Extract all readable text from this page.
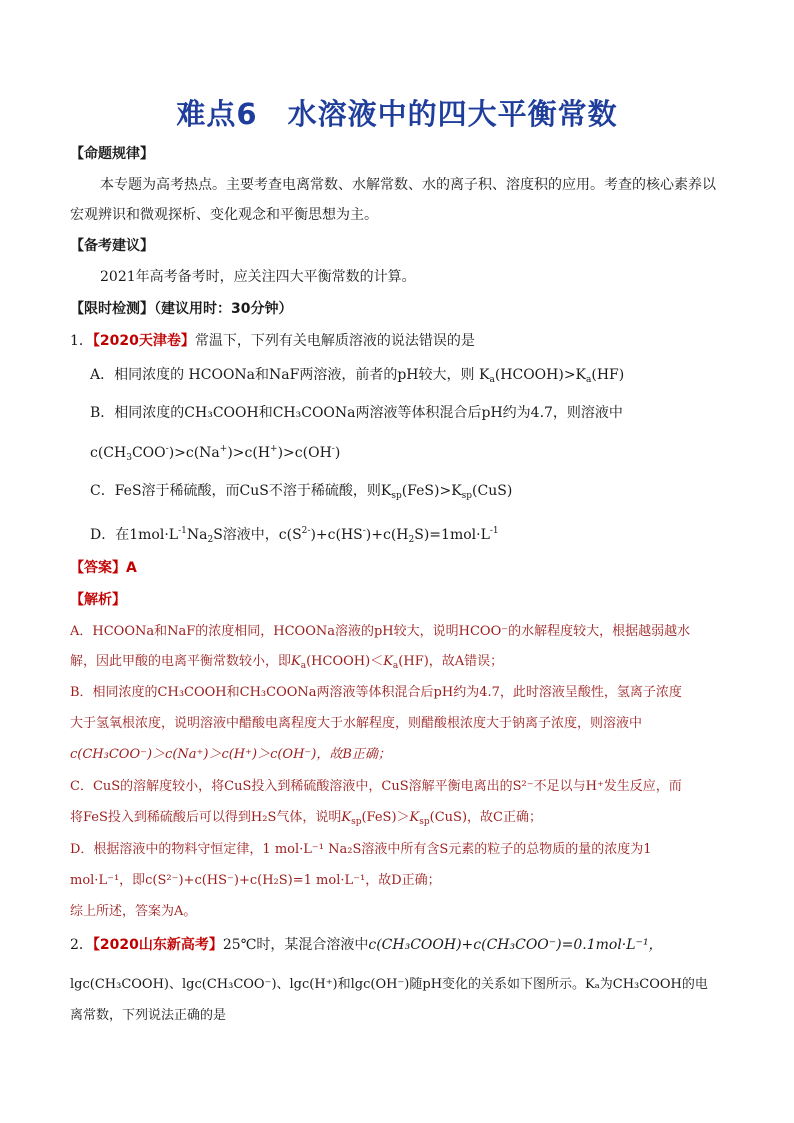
难点6　水溶液中的四大平衡常数
【命题规律】
本专题为高考热点。主要考查电离常数、水解常数、水的离子积、溶度积的应用。考查的核心素养以
宏观辨识和微观探析、变化观念和平衡思想为主。
【备考建议】
2021年高考备考时，应关注四大平衡常数的计算。
【限时检测】（建议用时：30分钟）
1．【2020天津卷】常温下，下列有关电解质溶液的说法错误的是
A．相同浓度的 HCOONa和NaF两溶液，前者的pH较大，则 $K_a(HCOOH)>K_a(HF)$
B．相同浓度的CH₃COOH和CH₃COONa两溶液等体积混合后pH约为4.7，则溶液中
$c(CH_3COO^-)>c(Na^+)>c(H^+)>c(OH^-)$
C．FeS溶于稀硫酸，而CuS不溶于稀硫酸，则$K_{sp}(FeS)>K_{sp}(CuS)$
D．在$1mol\cdot L^{-1}Na_2S$溶液中，$c(S^{2-})+c(HS^-)+c(H_2S)=1mol\cdot L^{-1}$
【答案】A
【解析】
A．HCOONa和NaF的浓度相同，HCOONa溶液的pH较大，说明HCOO⁻的水解程度较大，根据越弱越水
解，因此甲酸的电离平衡常数较小，即$K_a(HCOOH)<K_a(HF)$，故A错误；
B．相同浓度的CH₃COOH和CH₃COONa两溶液等体积混合后pH约为4.7，此时溶液呈酸性，氢离子浓度
大于氢氧根浓度，说明溶液中醋酸电离程度大于水解程度，则醋酸根浓度大于钠离子浓度，则溶液中
c(CH₃COO⁻)＞c(Na⁺)＞c(H⁺)＞c(OH⁻)，故B正确；
C．CuS的溶解度较小，将CuS投入到稀硫酸溶液中，CuS溶解平衡电离出的S²⁻不足以与H⁺发生反应，而
将FeS投入到稀硫酸后可以得到H₂S气体，说明$K_{sp}(FeS)>K_{sp}(CuS)$，故C正确；
D．根据溶液中的物料守恒定律，1 mol·L⁻¹ Na₂S溶液中所有含S元素的粒子的总物质的量的浓度为1
mol·L⁻¹，即c(S²⁻)+c(HS⁻)+c(H₂S)=1 mol·L⁻¹，故D正确；
综上所述，答案为A。
2．【2020山东新高考】25℃时，某混合溶液中c(CH₃COOH)+c(CH₃COO⁻)=0.1mol·L⁻¹，
lgc(CH₃COOH)、lgc(CH₃COO⁻)、lgc(H⁺)和lgc(OH⁻)随pH变化的关系如下图所示。Kₐ为CH₃COOH的电
离常数，下列说法正确的是
